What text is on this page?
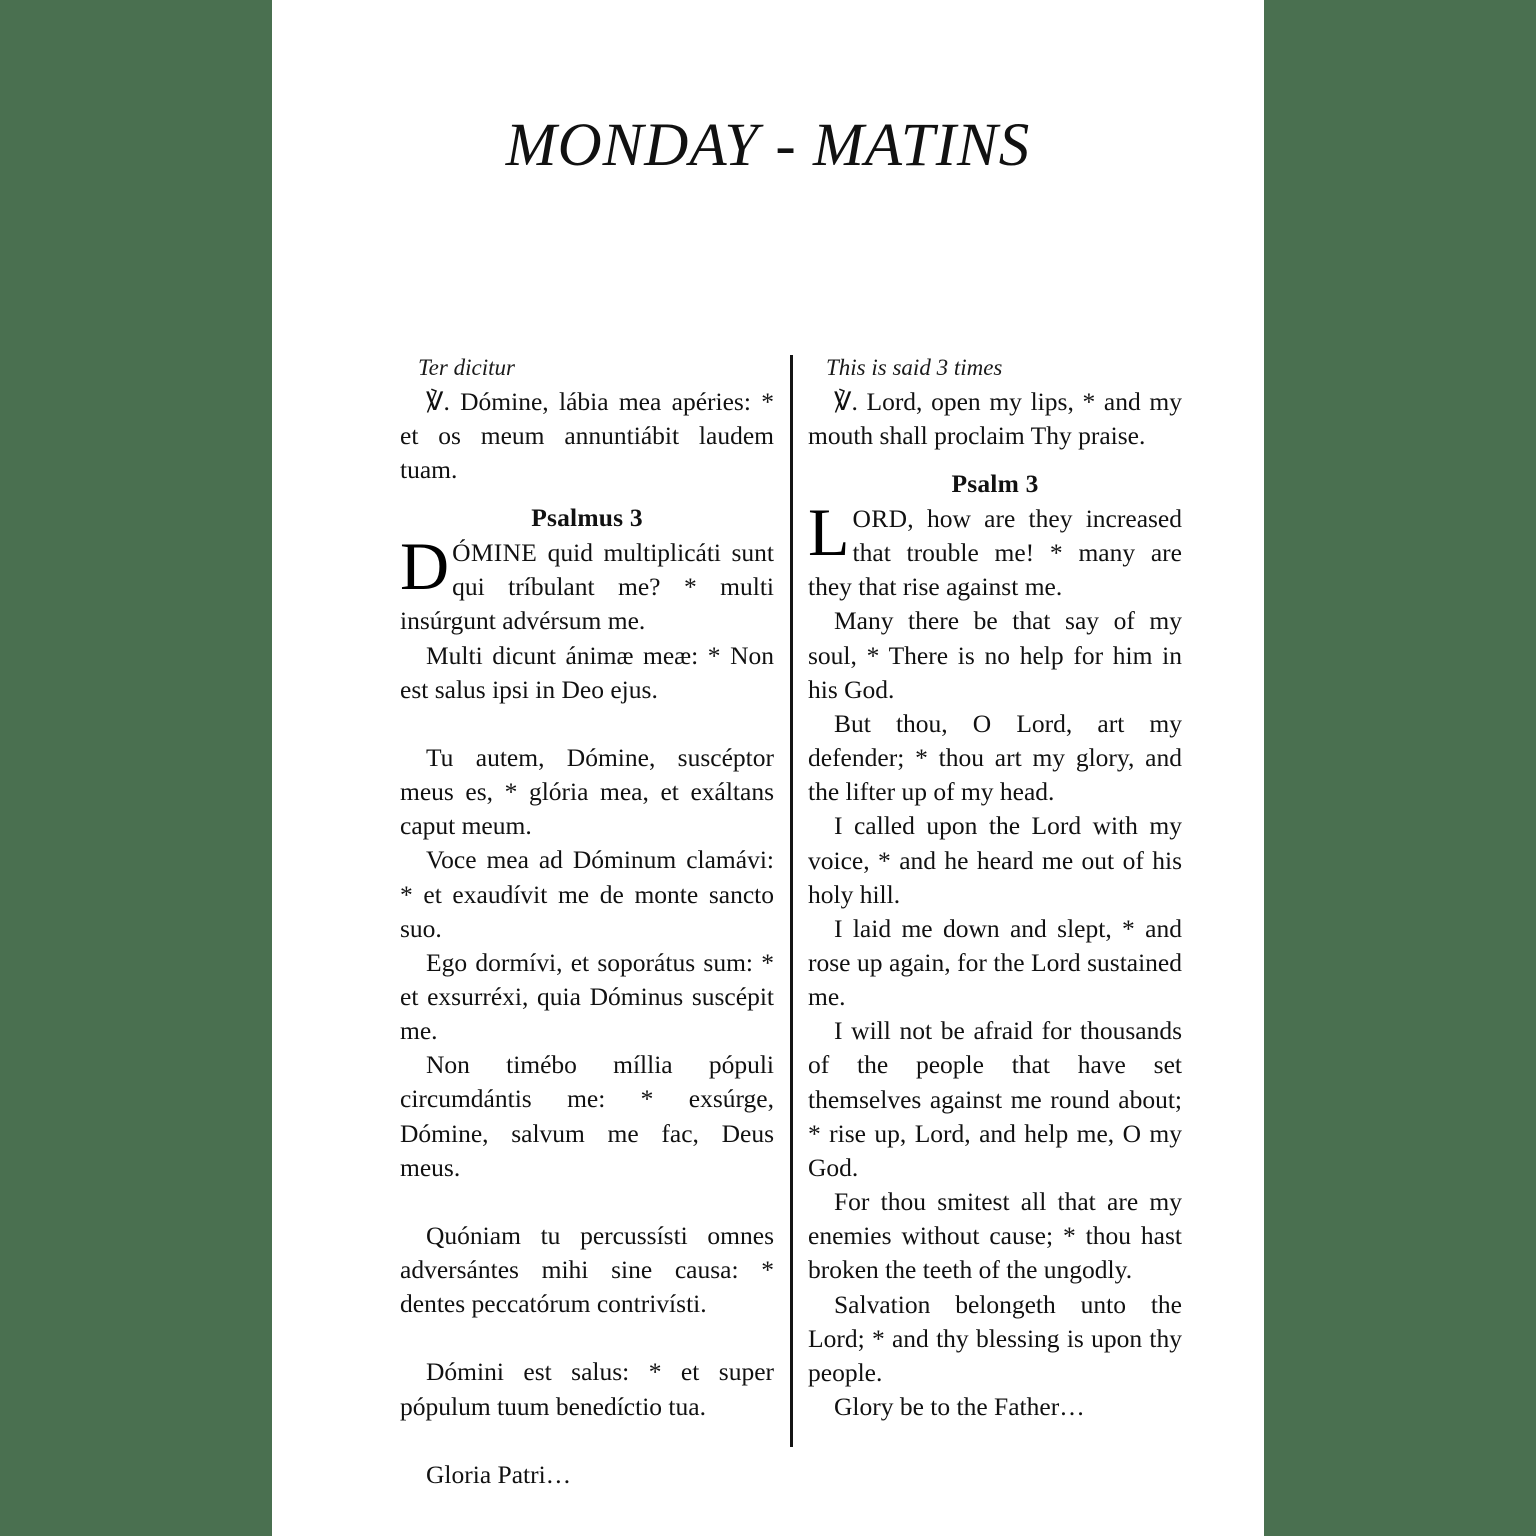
MONDAY - MATINS
Ter dicitur
℣. Dómine, lábia mea apéries: * et os meum annuntiábit laudem tuam.
Psalmus 3
DÓMINE quid multiplicáti sunt qui tríbulant me? * multi insúrgunt advérsum me.
Multi dicunt ánimæ meæ: * Non est salus ipsi in Deo ejus.
Tu autem, Dómine, suscéptor meus es, * glória mea, et exáltans caput meum.
Voce mea ad Dóminum clamávi: * et exaudívit me de monte sancto suo.
Ego dormívi, et soporátus sum: * et exsurréxi, quia Dóminus suscépit me.
Non timébo míllia pópuli circumdántis me: * exsúrge, Dómine, salvum me fac, Deus meus.
Quóniam tu percussísti omnes adversántes mihi sine causa: * dentes peccatórum contrivísti.
Dómini est salus: * et super pópulum tuum benedíctio tua.
Gloria Patri…
This is said 3 times
℣. Lord, open my lips, * and my mouth shall proclaim Thy praise.
Psalm 3
LORD, how are they increased that trouble me! * many are they that rise against me.
Many there be that say of my soul, * There is no help for him in his God.
But thou, O Lord, art my defender; * thou art my glory, and the lifter up of my head.
I called upon the Lord with my voice, * and he heard me out of his holy hill.
I laid me down and slept, * and rose up again, for the Lord sustained me.
I will not be afraid for thousands of the people that have set themselves against me round about; * rise up, Lord, and help me, O my God.
For thou smitest all that are my enemies without cause; * thou hast broken the teeth of the ungodly.
Salvation belongeth unto the Lord; * and thy blessing is upon thy people.
Glory be to the Father…
